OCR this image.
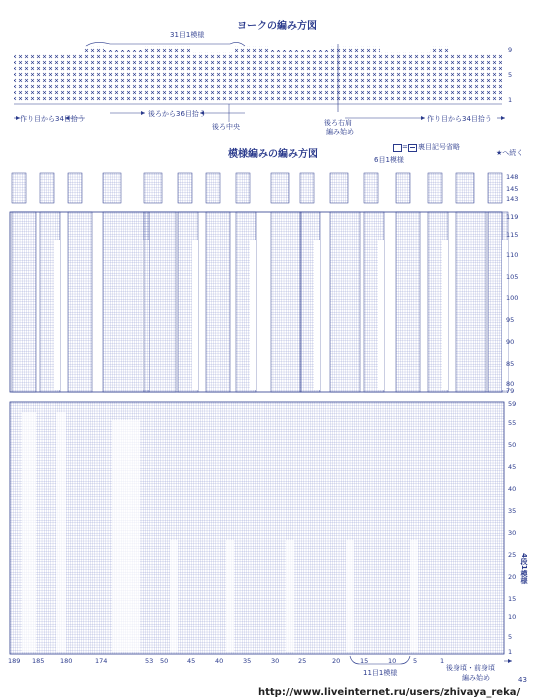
ヨークの編み方図
31目1模様
9
5
1
作り目から34目拾う
後ろから36目拾う
後ろ中央	後ろ右肩
編み始め
作り目から34目拾う
模様編みの編み方図
= 裏目記号省略
★へ続く
6目1模様
148
145
143
119
115
110
105
100
95
90
85
80
79
59
55
50
45
40
35
30
25
20
15
10
5
1
4段1模様
189 185 180	174	53 50	45	40	35	30	25	20	15	10	5	1
11目1模様
後身頃・前身頃
編み始め	43
http://www.liveinternet.ru/users/zhivaya_reka/
